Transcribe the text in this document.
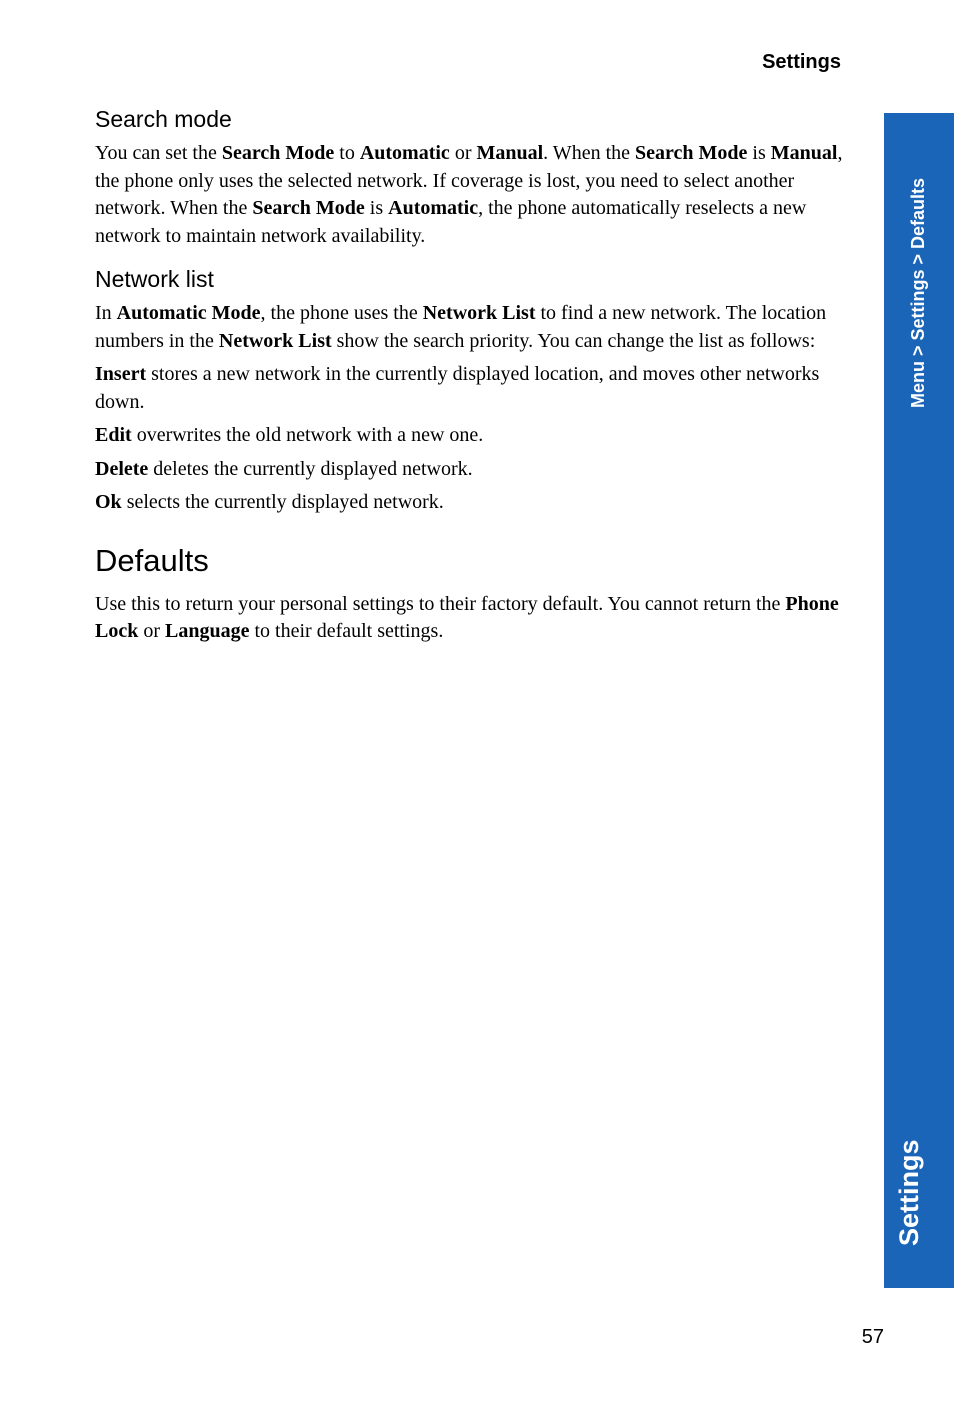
Settings
Menu > Settings > Defaults
Settings
Search mode

You can set the Search Mode to Automatic or Manual. When the Search Mode is Manual, the phone only uses the selected network. If coverage is lost, you need to select another network. When the Search Mode is Automatic, the phone automatically reselects a new network to maintain network availability.

Network list

In Automatic Mode, the phone uses the Network List to find a new network. The location numbers in the Network List show the search priority. You can change the list as follows:

Insert stores a new network in the currently displayed location, and moves other networks down.

Edit overwrites the old network with a new one.

Delete deletes the currently displayed network.

Ok selects the currently displayed network.

Defaults

Use this to return your personal settings to their factory default. You cannot return the Phone Lock or Language to their default settings.

57
